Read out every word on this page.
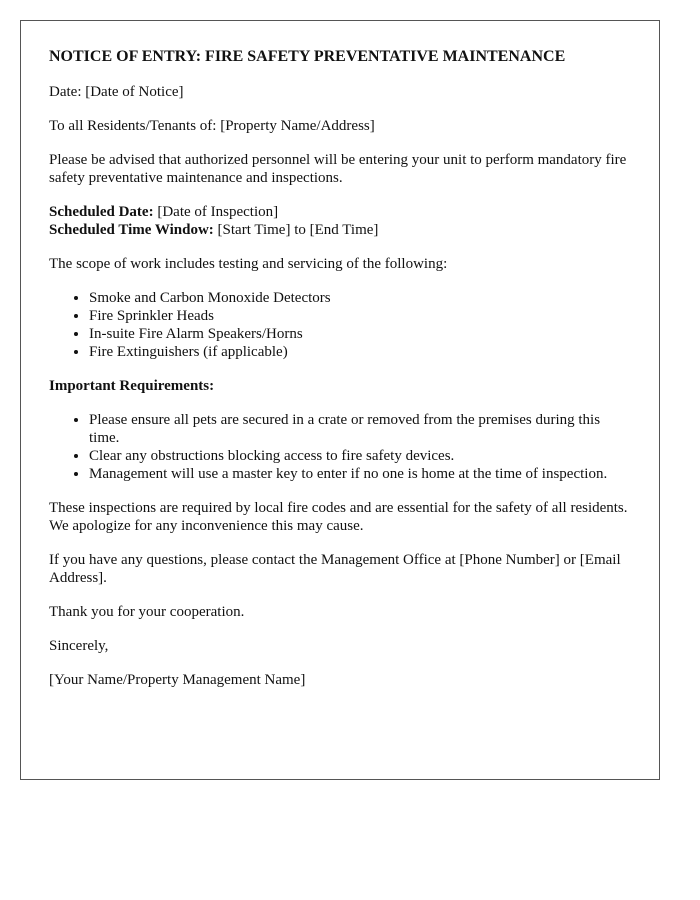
NOTICE OF ENTRY: FIRE SAFETY PREVENTATIVE MAINTENANCE

Date: [Date of Notice]

To all Residents/Tenants of: [Property Name/Address]

Please be advised that authorized personnel will be entering your unit to perform mandatory fire safety preventative maintenance and inspections.

Scheduled Date: [Date of Inspection]
Scheduled Time Window: [Start Time] to [End Time]

The scope of work includes testing and servicing of the following:

• Smoke and Carbon Monoxide Detectors
• Fire Sprinkler Heads
• In-suite Fire Alarm Speakers/Horns
• Fire Extinguishers (if applicable)

Important Requirements:

• Please ensure all pets are secured in a crate or removed from the premises during this time.
• Clear any obstructions blocking access to fire safety devices.
• Management will use a master key to enter if no one is home at the time of inspection.

These inspections are required by local fire codes and are essential for the safety of all residents. We apologize for any inconvenience this may cause.

If you have any questions, please contact the Management Office at [Phone Number] or [Email Address].

Thank you for your cooperation.

Sincerely,

[Your Name/Property Management Name]
